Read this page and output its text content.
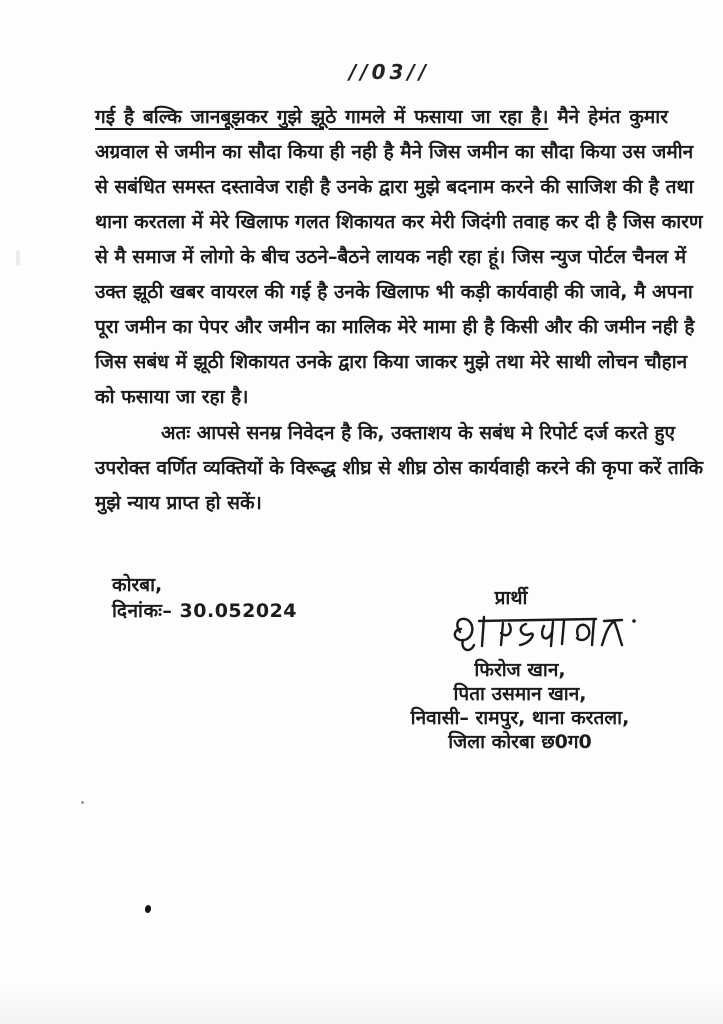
//03//
गई है बल्कि जानबूझकर गुझे झूठे गामले में फसाया जा रहा है। मैने हेमंत कुमार
अग्रवाल से जमीन का सौदा किया ही नही है मैने जिस जमीन का सौदा किया उस जमीन
से सबंधित समस्त दस्तावेज राही है उनके द्वारा मुझे बदनाम करने की साजिश की है तथा
थाना करतला में मेरे खिलाफ गलत शिकायत कर मेरी जिदंगी तवाह कर दी है जिस कारण
से मै समाज में लोगो के बीच उठने–बैठने लायक नही रहा हूं। जिस न्युज पोर्टल चैनल में
उक्त झूठी खबर वायरल की गई है उनके खिलाफ भी कड़ी कार्यवाही की जावे, मै अपना
पूरा जमीन का पेपर और जमीन का मालिक मेरे मामा ही है किसी और की जमीन नही है
जिस सबंध में झूठी शिकायत उनके द्वारा किया जाकर मुझे तथा मेरे साथी लोचन चौहान
को फसाया जा रहा है।
अतः आपसे सनम्र निवेदन है कि, उक्ताशय के सबंध मे रिपोर्ट दर्ज करते हुए
उपरोक्त वर्णित व्यक्तियों के विरूद्ध शीघ्र से शीघ्र ठोस कार्यवाही करने की कृपा करें ताकि
मुझे न्याय प्राप्त हो सकें।
कोरबा,
दिनांकः– 30.052024
प्रार्थी
फिरोज खान,
पिता उसमान खान,
निवासी– रामपुर, थाना करतला,
जिला कोरबा छ0ग0
